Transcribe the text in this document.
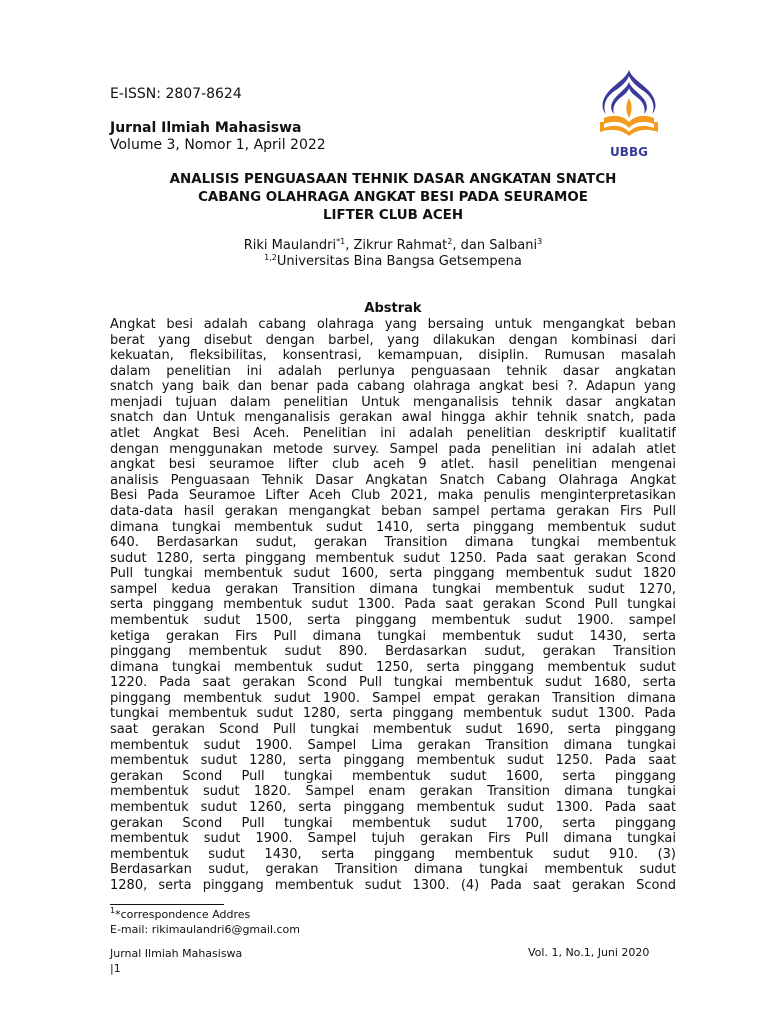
E-ISSN: 2807-8624
Jurnal Ilmiah Mahasiswa
Volume 3, Nomor 1, April 2022	UBBG
ANALISIS PENGUASAAN TEHNIK DASAR ANGKATAN SNATCH
CABANG OLAHRAGA ANGKAT BESI PADA SEURAMOE
LIFTER CLUB ACEH
Riki Maulandri$^{*1}$, Zikrur Rahmat$^2$, dan Salbani$^3$
$^{1,2}$Universitas Bina Bangsa Getsempena
Abstrak
Angkat besi adalah cabang olahraga yang bersaing untuk mengangkat beban
berat yang disebut dengan barbel, yang dilakukan dengan kombinasi dari
kekuatan, fleksibilitas, konsentrasi, kemampuan, disiplin. Rumusan masalah
dalam penelitian ini adalah perlunya penguasaan tehnik dasar angkatan
snatch yang baik dan benar pada cabang olahraga angkat besi ?. Adapun yang
menjadi tujuan dalam penelitian Untuk menganalisis tehnik dasar angkatan
snatch dan Untuk menganalisis gerakan awal hingga akhir tehnik snatch, pada
atlet Angkat Besi Aceh. Penelitian ini adalah penelitian deskriptif kualitatif
dengan menggunakan metode survey. Sampel pada penelitian ini adalah atlet
angkat besi seuramoe lifter club aceh 9 atlet. hasil penelitian mengenai
analisis Penguasaan Tehnik Dasar Angkatan Snatch Cabang Olahraga Angkat
Besi Pada Seuramoe Lifter Aceh Club 2021, maka penulis menginterpretasikan
data-data hasil gerakan mengangkat beban sampel pertama gerakan Firs Pull
dimana tungkai membentuk sudut 1410, serta pinggang membentuk sudut
640. Berdasarkan sudut, gerakan Transition dimana tungkai membentuk
sudut 1280, serta pinggang membentuk sudut 1250. Pada saat gerakan Scond
Pull tungkai membentuk sudut 1600, serta pinggang membentuk sudut 1820
sampel kedua gerakan Transition dimana tungkai membentuk sudut 1270,
serta pinggang membentuk sudut 1300. Pada saat gerakan Scond Pull tungkai
membentuk sudut 1500, serta pinggang membentuk sudut 1900. sampel
ketiga gerakan Firs Pull dimana tungkai membentuk sudut 1430, serta
pinggang membentuk sudut 890. Berdasarkan sudut, gerakan Transition
dimana tungkai membentuk sudut 1250, serta pinggang membentuk sudut
1220. Pada saat gerakan Scond Pull tungkai membentuk sudut 1680, serta
pinggang membentuk sudut 1900. Sampel empat gerakan Transition dimana
tungkai membentuk sudut 1280, serta pinggang membentuk sudut 1300. Pada
saat gerakan Scond Pull tungkai membentuk sudut 1690, serta pinggang
membentuk sudut 1900. Sampel Lima gerakan Transition dimana tungkai
membentuk sudut 1280, serta pinggang membentuk sudut 1250. Pada saat
gerakan Scond Pull tungkai membentuk sudut 1600, serta pinggang
membentuk sudut 1820. Sampel enam gerakan Transition dimana tungkai
membentuk sudut 1260, serta pinggang membentuk sudut 1300. Pada saat
gerakan Scond Pull tungkai membentuk sudut 1700, serta pinggang
membentuk sudut 1900. Sampel tujuh gerakan Firs Pull dimana tungkai
membentuk sudut 1430, serta pinggang membentuk sudut 910. (3)
Berdasarkan sudut, gerakan Transition dimana tungkai membentuk sudut
1280, serta pinggang membentuk sudut 1300. (4) Pada saat gerakan Scond
$^1$*correspondence Addres
E-mail: rikimaulandri6@gmail.com
Jurnal Ilmiah Mahasiswa
|1
Vol. 1, No.1, Juni 2020
